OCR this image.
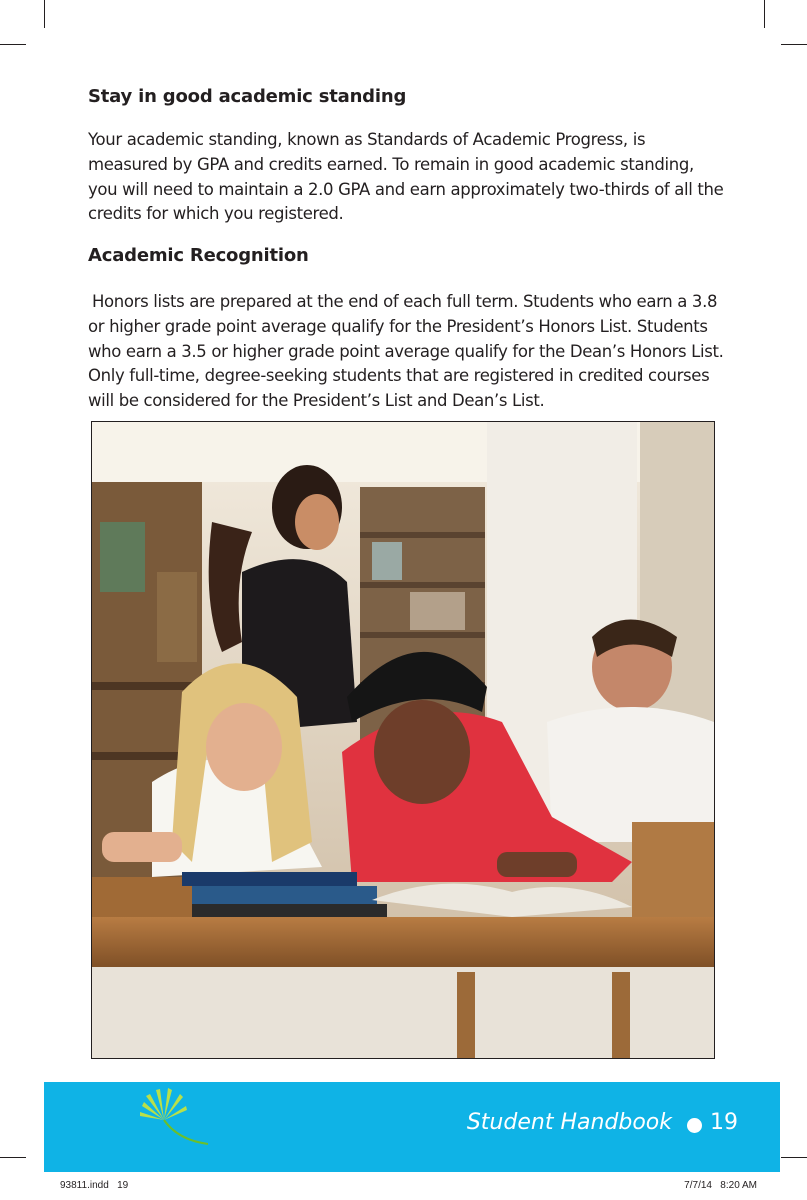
Stay in good academic standing

Your academic standing, known as Standards of Academic Progress, is measured by GPA and credits earned. To remain in good academic standing, you will need to maintain a 2.0 GPA and earn approximately two-thirds of all the credits for which you registered.

Academic Recognition

Honors lists are prepared at the end of each full term. Students who earn a 3.8 or higher grade point average qualify for the President’s Honors List. Students who earn a 3.5 or higher grade point average qualify for the Dean’s Honors List. Only full-time, degree-seeking students that are registered in credited courses will be considered for the President’s List and Dean’s List.

Student Handbook 19
93811.indd   19	7/7/14   8:20 AM
